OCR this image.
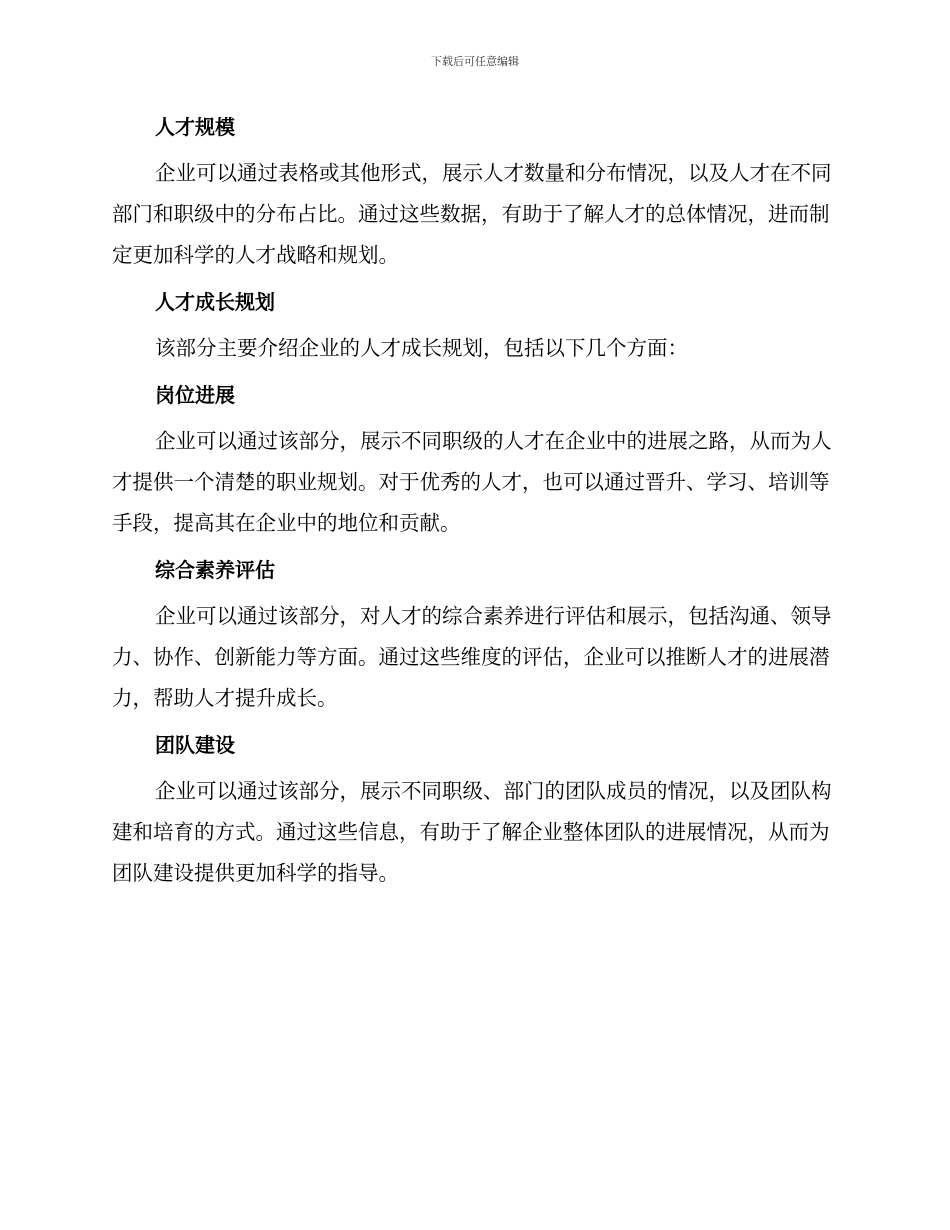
下载后可任意编辑
人才规模

企业可以通过表格或其他形式，展示人才数量和分布情况，以及人才在不同部门和职级中的分布占比。通过这些数据，有助于了解人才的总体情况，进而制定更加科学的人才战略和规划。

人才成长规划

该部分主要介绍企业的人才成长规划，包括以下几个方面：

岗位进展

企业可以通过该部分，展示不同职级的人才在企业中的进展之路，从而为人才提供一个清楚的职业规划。对于优秀的人才，也可以通过晋升、学习、培训等手段，提高其在企业中的地位和贡献。

综合素养评估

企业可以通过该部分，对人才的综合素养进行评估和展示，包括沟通、领导力、协作、创新能力等方面。通过这些维度的评估，企业可以推断人才的进展潜力，帮助人才提升成长。

团队建设

企业可以通过该部分，展示不同职级、部门的团队成员的情况，以及团队构建和培育的方式。通过这些信息，有助于了解企业整体团队的进展情况，从而为团队建设提供更加科学的指导。
